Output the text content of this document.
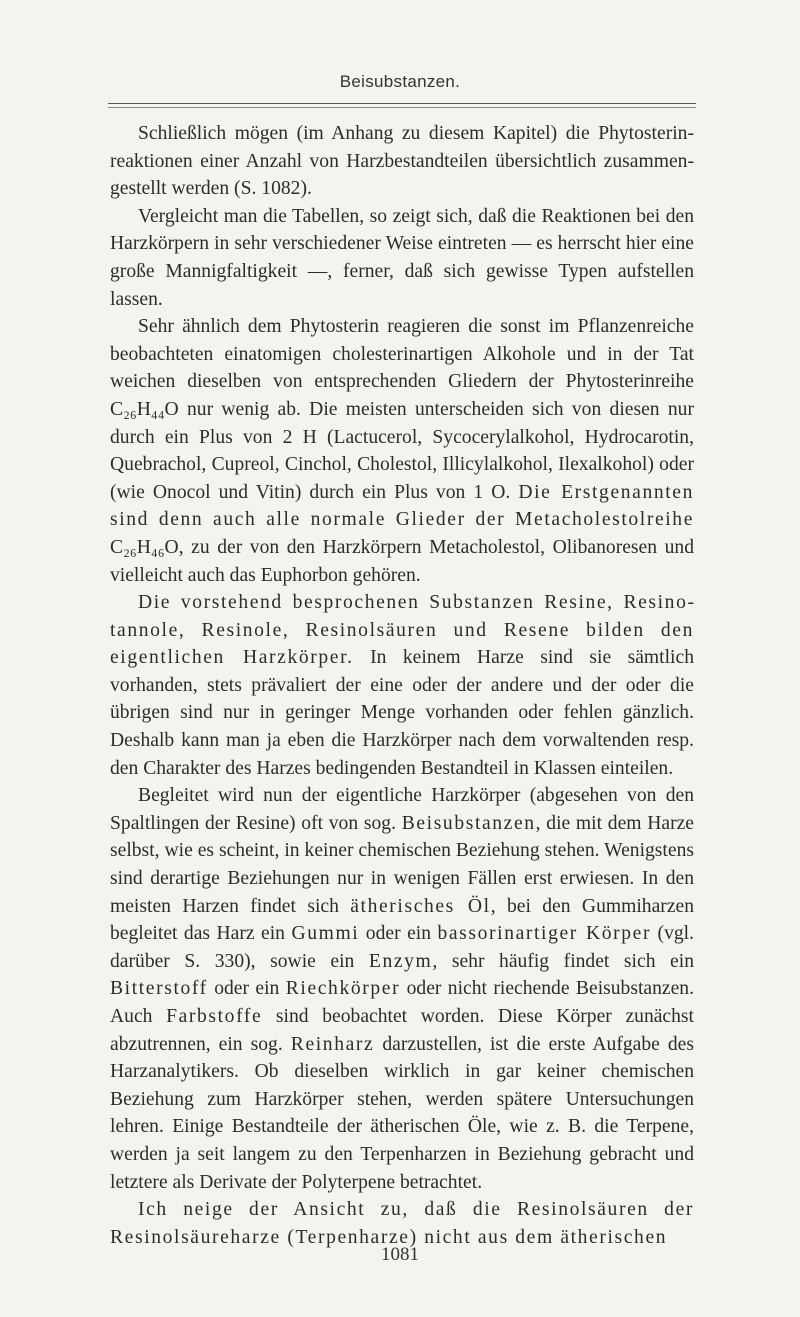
Beisubstanzen.

Schließlich mögen (im Anhang zu diesem Kapitel) die Phytosterinreaktionen einer Anzahl von Harzbestandteilen übersichtlich zusammengestellt werden (S. 1082).

Vergleicht man die Tabellen, so zeigt sich, daß die Reaktionen bei den Harzkörpern in sehr verschiedener Weise eintreten — es herrscht hier eine große Mannigfaltigkeit —, ferner, daß sich gewisse Typen aufstellen lassen.

Sehr ähnlich dem Phytosterin reagieren die sonst im Pflanzenreiche beobachteten einatomigen cholesterinartigen Alkohole und in der Tat weichen dieselben von entsprechenden Gliedern der Phytosterinreihe C₂₆H₄₄O nur wenig ab. Die meisten unterscheiden sich von diesen nur durch ein Plus von 2 H (Lactucerol, Sycocerylalkohol, Hydrocarotin, Quebrachol, Cupreol, Cinchol, Cholestol, Illicylalkohol, Ilexalkohol) oder (wie Onocol und Vitin) durch ein Plus von 1 O. Die Erstgenannten sind denn auch alle normale Glieder der Metacholestolreihe C₂₆H₄₆O, zu der von den Harzkörpern Metacholestol, Olibanoresen und vielleicht auch das Euphorbon gehören.

Die vorstehend besprochenen Substanzen Resine, Resinotannole, Resinole, Resinolsäuren und Resene bilden den eigentlichen Harzkörper. In keinem Harze sind sie sämtlich vorhanden, stets prävaliert der eine oder der andere und der oder die übrigen sind nur in geringer Menge vorhanden oder fehlen gänzlich. Deshalb kann man ja eben die Harzkörper nach dem vorwaltenden resp. den Charakter des Harzes bedingenden Bestandteil in Klassen einteilen.

Begleitet wird nun der eigentliche Harzkörper (abgesehen von den Spaltlingen der Resine) oft von sog. Beisubstanzen, die mit dem Harze selbst, wie es scheint, in keiner chemischen Beziehung stehen. Wenigstens sind derartige Beziehungen nur in wenigen Fällen erst erwiesen. In den meisten Harzen findet sich ätherisches Öl, bei den Gummiharzen begleitet das Harz ein Gummi oder ein bassorinartiger Körper (vgl. darüber S. 330), sowie ein Enzym, sehr häufig findet sich ein Bitterstoff oder ein Riechkörper oder nicht riechende Beisubstanzen. Auch Farbstoffe sind beobachtet worden. Diese Körper zunächst abzutrennen, ein sog. Reinharz darzustellen, ist die erste Aufgabe des Harzanalytikers. Ob dieselben wirklich in gar keiner chemischen Beziehung zum Harzkörper stehen, werden spätere Untersuchungen lehren. Einige Bestandteile der ätherischen Öle, wie z. B. die Terpene, werden ja seit langem zu den Terpenharzen in Beziehung gebracht und letztere als Derivate der Polyterpene betrachtet.

Ich neige der Ansicht zu, daß die Resinolsäuren der Resinolsäureharze (Terpenharze) nicht aus dem ätherischen

1081
